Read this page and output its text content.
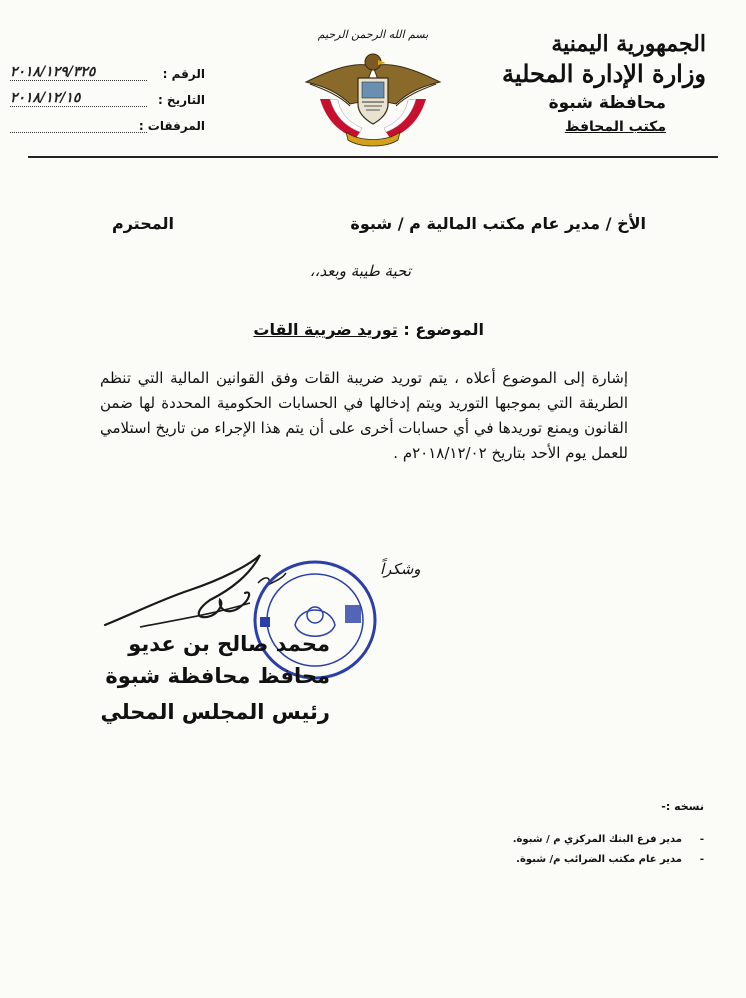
الجمهورية اليمنية
وزارة الإدارة المحلية
محافظة شبوة
مكتب المحافظ
بسم الله الرحمن الرحيم
الرقم :
٢٠١٨/١٢٩/٣٢٥
التاريخ :
٢٠١٨/١٢/١٥
المرفقات :
الأخ / مدير عام مكتب المالية م / شبوة
المحترم
تحية طيبة وبعد،،
الموضوع : توريد ضريبة القات
إشارة إلى الموضوع أعلاه ، يتم توريد ضريبة القات وفق القوانين المالية التي تنظم الطريقة التي بموجبها التوريد ويتم إدخالها في الحسابات الحكومية المحددة لها ضمن القانون ويمنع توريدها في أي حسابات أخرى على أن يتم هذا الإجراء من تاريخ استلامي للعمل يوم الأحد بتاريخ ٢٠١٨/١٢/٠٢م .
وشكراً
محمد صالح بن عديو
محافظ محافظة شبوة
رئيس المجلس المحلي
نسخه :-
-مدير فرع البنك المركزي م / شبوة.
-مدير عام مكتب الضرائب م/ شبوة.
